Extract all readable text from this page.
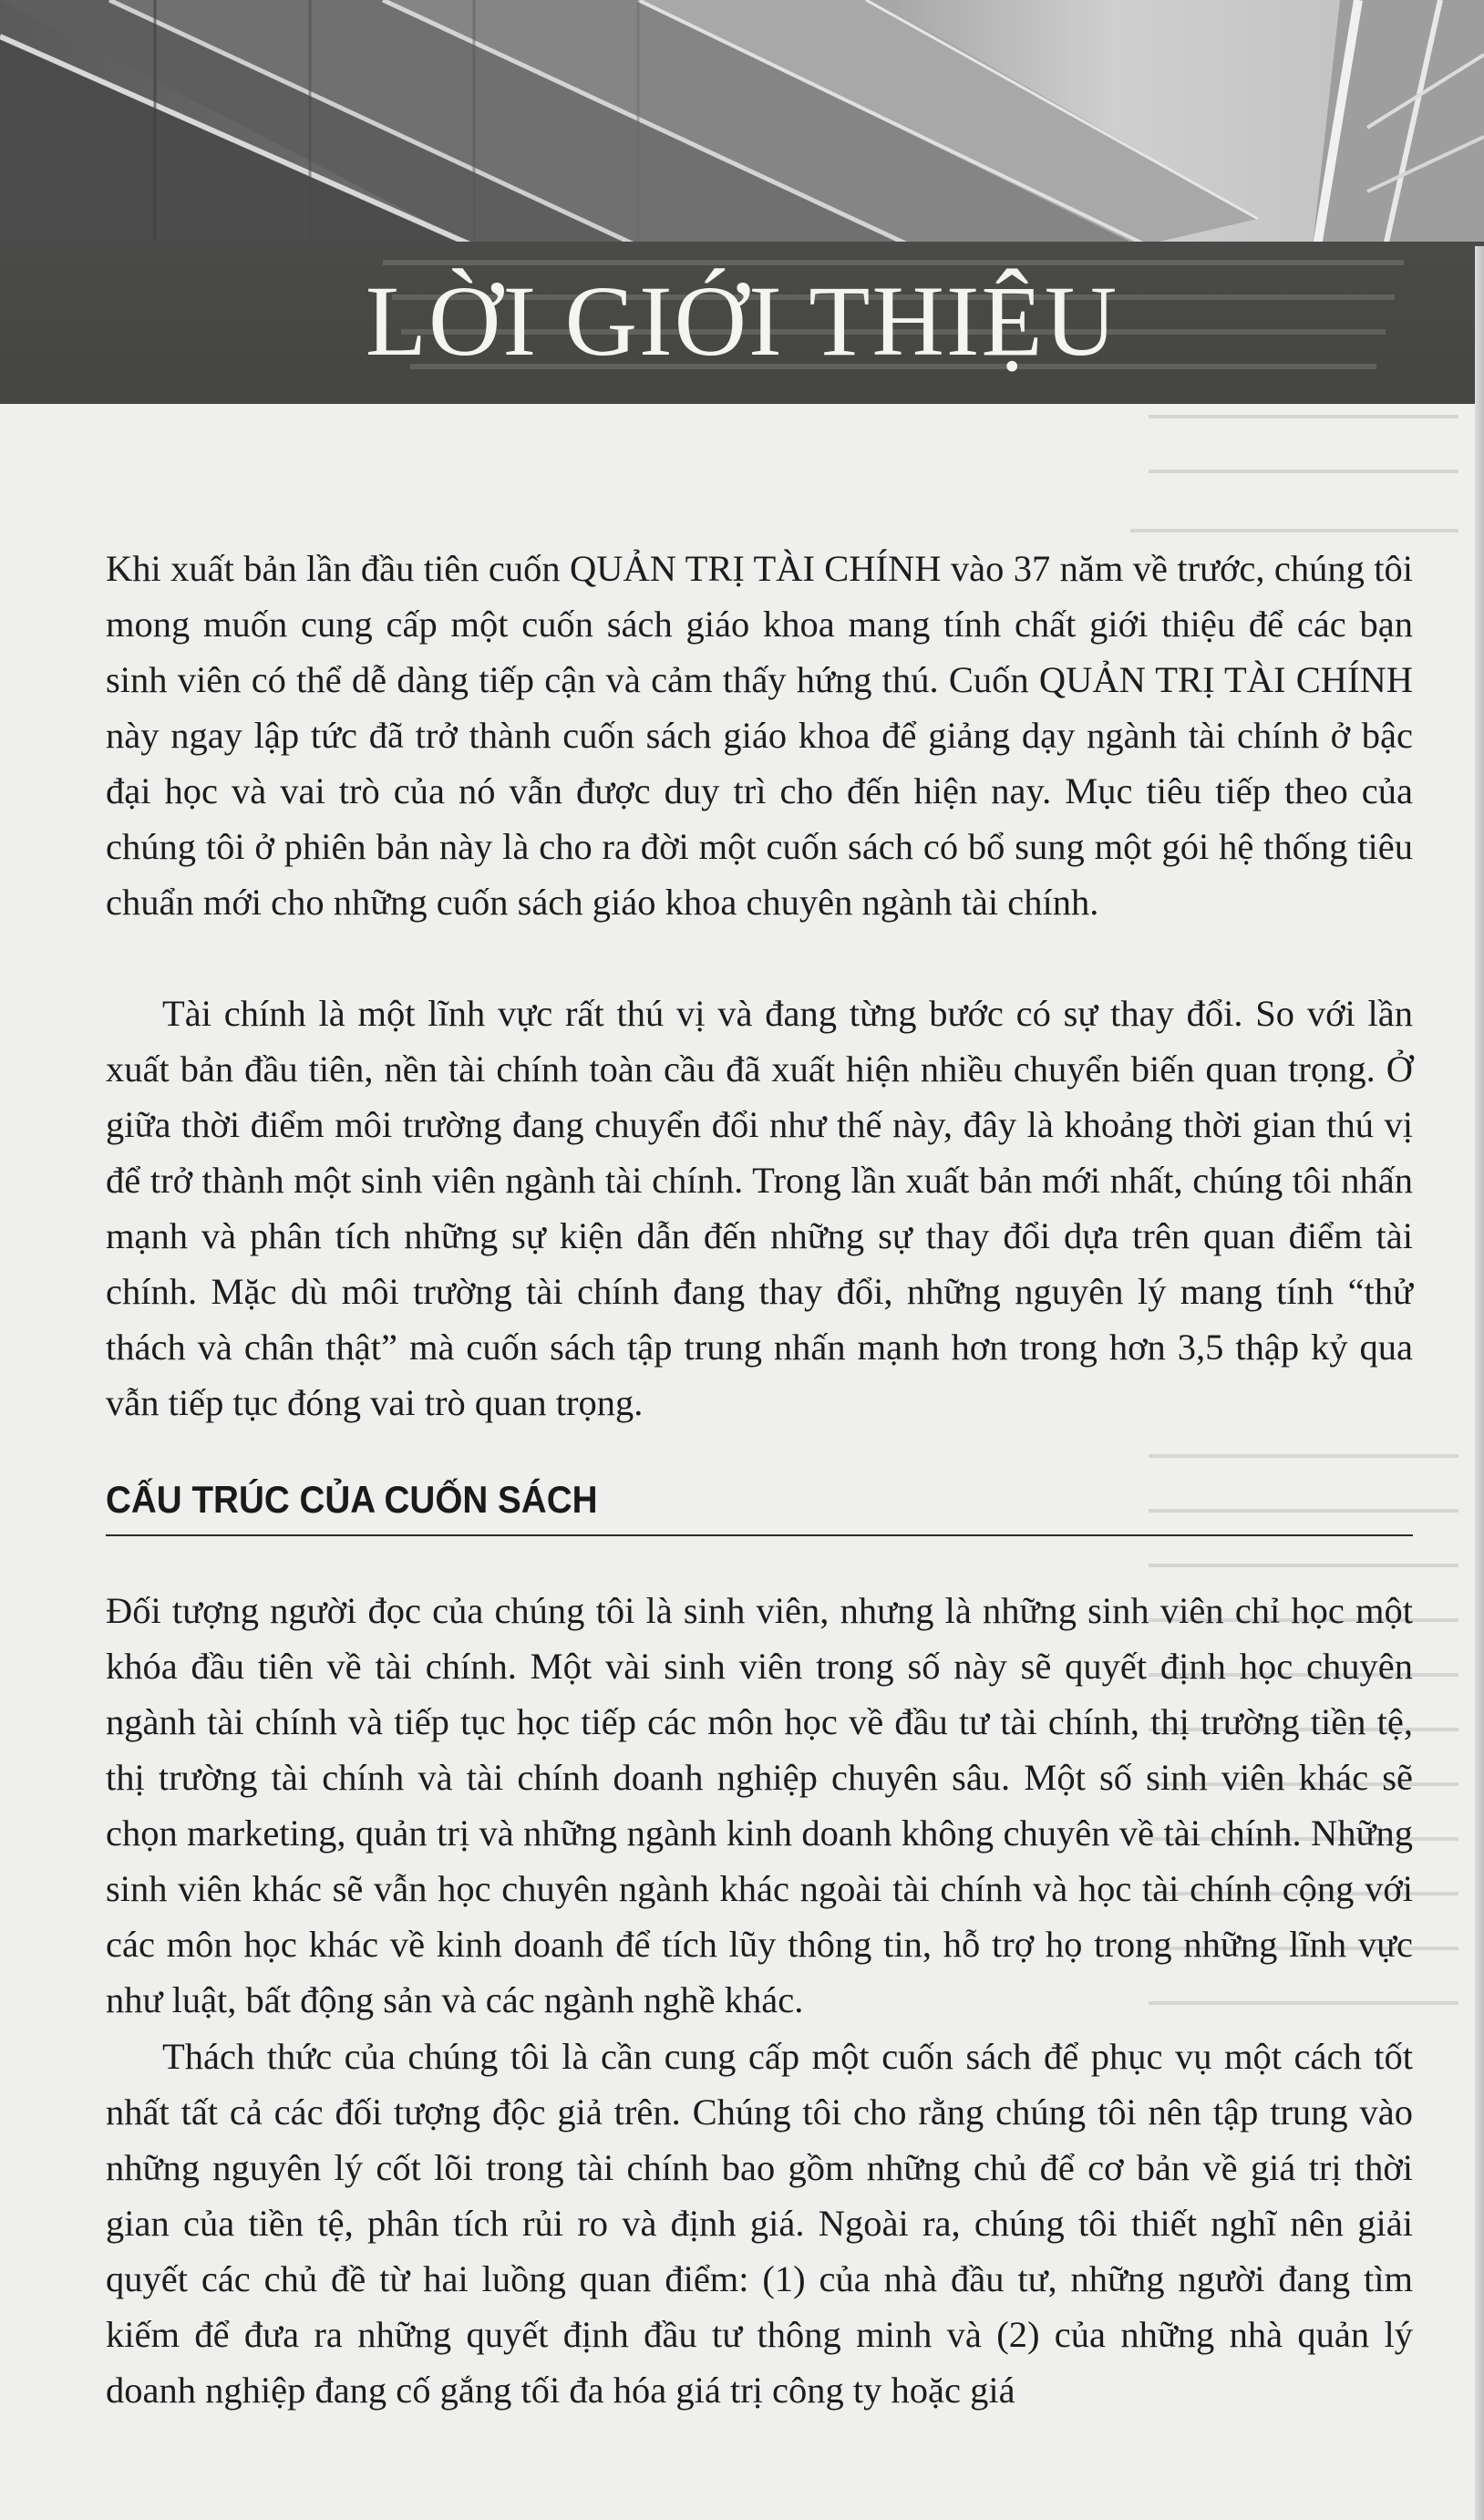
LỜI GIỚI THIỆU

Khi xuất bản lần đầu tiên cuốn QUẢN TRỊ TÀI CHÍNH vào 37 năm về trước, chúng tôi mong muốn cung cấp một cuốn sách giáo khoa mang tính chất giới thiệu để các bạn sinh viên có thể dễ dàng tiếp cận và cảm thấy hứng thú. Cuốn QUẢN TRỊ TÀI CHÍNH này ngay lập tức đã trở thành cuốn sách giáo khoa để giảng dạy ngành tài chính ở bậc đại học và vai trò của nó vẫn được duy trì cho đến hiện nay. Mục tiêu tiếp theo của chúng tôi ở phiên bản này là cho ra đời một cuốn sách có bổ sung một gói hệ thống tiêu chuẩn mới cho những cuốn sách giáo khoa chuyên ngành tài chính.

Tài chính là một lĩnh vực rất thú vị và đang từng bước có sự thay đổi. So với lần xuất bản đầu tiên, nền tài chính toàn cầu đã xuất hiện nhiều chuyển biến quan trọng. Ở giữa thời điểm môi trường đang chuyển đổi như thế này, đây là khoảng thời gian thú vị để trở thành một sinh viên ngành tài chính. Trong lần xuất bản mới nhất, chúng tôi nhấn mạnh và phân tích những sự kiện dẫn đến những sự thay đổi dựa trên quan điểm tài chính. Mặc dù môi trường tài chính đang thay đổi, những nguyên lý mang tính “thử thách và chân thật” mà cuốn sách tập trung nhấn mạnh hơn trong hơn 3,5 thập kỷ qua vẫn tiếp tục đóng vai trò quan trọng.

CẤU TRÚC CỦA CUỐN SÁCH

Đối tượng người đọc của chúng tôi là sinh viên, nhưng là những sinh viên chỉ học một khóa đầu tiên về tài chính. Một vài sinh viên trong số này sẽ quyết định học chuyên ngành tài chính và tiếp tục học tiếp các môn học về đầu tư tài chính, thị trường tiền tệ, thị trường tài chính và tài chính doanh nghiệp chuyên sâu. Một số sinh viên khác sẽ chọn marketing, quản trị và những ngành kinh doanh không chuyên về tài chính. Những sinh viên khác sẽ vẫn học chuyên ngành khác ngoài tài chính và học tài chính cộng với các môn học khác về kinh doanh để tích lũy thông tin, hỗ trợ họ trong những lĩnh vực như luật, bất động sản và các ngành nghề khác.

Thách thức của chúng tôi là cần cung cấp một cuốn sách để phục vụ một cách tốt nhất tất cả các đối tượng độc giả trên. Chúng tôi cho rằng chúng tôi nên tập trung vào những nguyên lý cốt lõi trong tài chính bao gồm những chủ để cơ bản về giá trị thời gian của tiền tệ, phân tích rủi ro và định giá. Ngoài ra, chúng tôi thiết nghĩ nên giải quyết các chủ đề từ hai luồng quan điểm: (1) của nhà đầu tư, những người đang tìm kiếm để đưa ra những quyết định đầu tư thông minh và (2) của những nhà quản lý doanh nghiệp đang cố gắng tối đa hóa giá trị công ty hoặc giá
